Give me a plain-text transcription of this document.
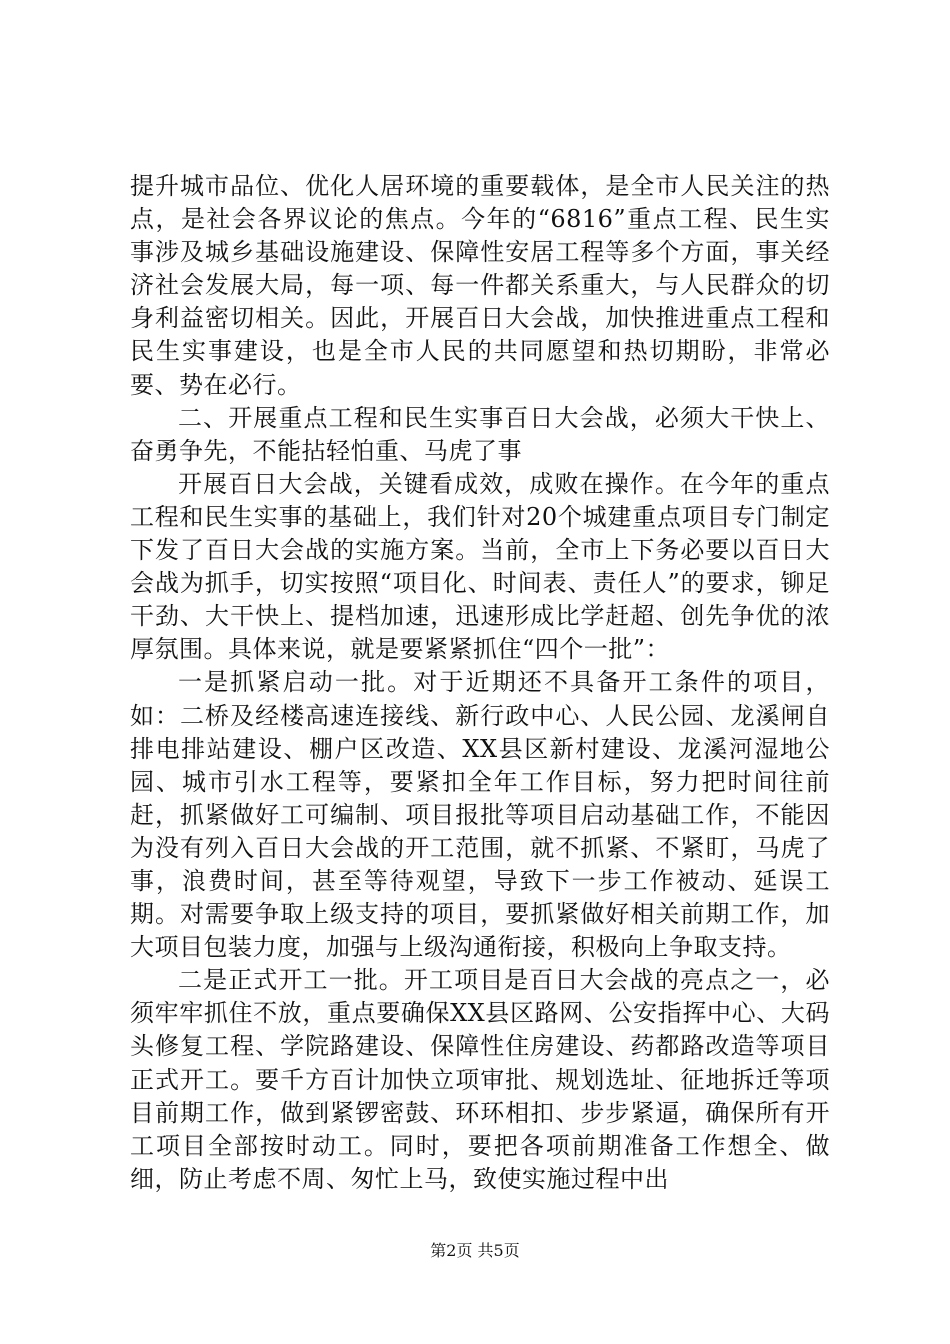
提升城市品位、优化人居环境的重要载体，是全市人民关注的热点，是社会各界议论的焦点。今年的“6816”重点工程、民生实事涉及城乡基础设施建设、保障性安居工程等多个方面，事关经济社会发展大局，每一项、每一件都关系重大，与人民群众的切身利益密切相关。因此，开展百日大会战，加快推进重点工程和民生实事建设，也是全市人民的共同愿望和热切期盼，非常必要、势在必行。

二、开展重点工程和民生实事百日大会战，必须大干快上、奋勇争先，不能拈轻怕重、马虎了事

开展百日大会战，关键看成效，成败在操作。在今年的重点工程和民生实事的基础上，我们针对20个城建重点项目专门制定下发了百日大会战的实施方案。当前，全市上下务必要以百日大会战为抓手，切实按照“项目化、时间表、责任人”的要求，铆足干劲、大干快上、提档加速，迅速形成比学赶超、创先争优的浓厚氛围。具体来说，就是要紧紧抓住“四个一批”：

一是抓紧启动一批。对于近期还不具备开工条件的项目，如：二桥及经楼高速连接线、新行政中心、人民公园、龙溪闸自排电排站建设、棚户区改造、XX县区新村建设、龙溪河湿地公园、城市引水工程等，要紧扣全年工作目标，努力把时间往前赶，抓紧做好工可编制、项目报批等项目启动基础工作，不能因为没有列入百日大会战的开工范围，就不抓紧、不紧盯，马虎了事，浪费时间，甚至等待观望，导致下一步工作被动、延误工期。对需要争取上级支持的项目，要抓紧做好相关前期工作，加大项目包装力度，加强与上级沟通衔接，积极向上争取支持。

二是正式开工一批。开工项目是百日大会战的亮点之一，必须牢牢抓住不放，重点要确保XX县区路网、公安指挥中心、大码头修复工程、学院路建设、保障性住房建设、药都路改造等项目正式开工。要千方百计加快立项审批、规划选址、征地拆迁等项目前期工作，做到紧锣密鼓、环环相扣、步步紧逼，确保所有开工项目全部按时动工。同时，要把各项前期准备工作想全、做细，防止考虑不周、匆忙上马，致使实施过程中出

第2页 共5页
